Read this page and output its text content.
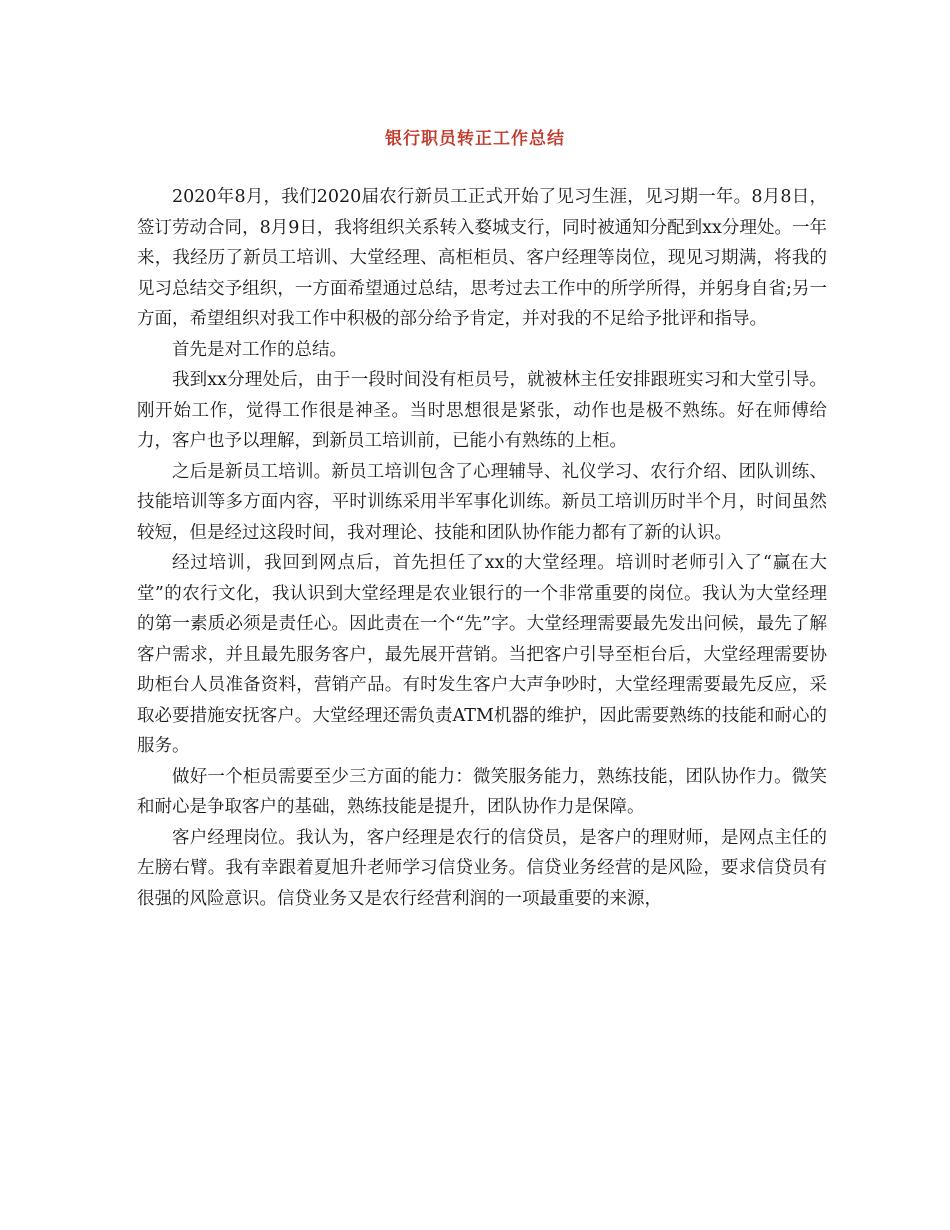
银行职员转正工作总结

2020年8月，我们2020届农行新员工正式开始了见习生涯，见习期一年。8月8日，签订劳动合同，8月9日，我将组织关系转入婺城支行，同时被通知分配到xx分理处。一年来，我经历了新员工培训、大堂经理、高柜柜员、客户经理等岗位，现见习期满，将我的见习总结交予组织，一方面希望通过总结，思考过去工作中的所学所得，并躬身自省;另一方面，希望组织对我工作中积极的部分给予肯定，并对我的不足给予批评和指导。

首先是对工作的总结。

我到xx分理处后，由于一段时间没有柜员号，就被林主任安排跟班实习和大堂引导。刚开始工作，觉得工作很是神圣。当时思想很是紧张，动作也是极不熟练。好在师傅给力，客户也予以理解，到新员工培训前，已能小有熟练的上柜。

之后是新员工培训。新员工培训包含了心理辅导、礼仪学习、农行介绍、团队训练、技能培训等多方面内容，平时训练采用半军事化训练。新员工培训历时半个月，时间虽然较短，但是经过这段时间，我对理论、技能和团队协作能力都有了新的认识。

经过培训，我回到网点后，首先担任了xx的大堂经理。培训时老师引入了“赢在大堂”的农行文化，我认识到大堂经理是农业银行的一个非常重要的岗位。我认为大堂经理的第一素质必须是责任心。因此责在一个“先”字。大堂经理需要最先发出问候，最先了解客户需求，并且最先服务客户，最先展开营销。当把客户引导至柜台后，大堂经理需要协助柜台人员准备资料，营销产品。有时发生客户大声争吵时，大堂经理需要最先反应，采取必要措施安抚客户。大堂经理还需负责ATM机器的维护，因此需要熟练的技能和耐心的服务。

做好一个柜员需要至少三方面的能力：微笑服务能力，熟练技能，团队协作力。微笑和耐心是争取客户的基础，熟练技能是提升，团队协作力是保障。

客户经理岗位。我认为，客户经理是农行的信贷员，是客户的理财师，是网点主任的左膀右臂。我有幸跟着夏旭升老师学习信贷业务。信贷业务经营的是风险，要求信贷员有很强的风险意识。信贷业务又是农行经营利润的一项最重要的来源，
